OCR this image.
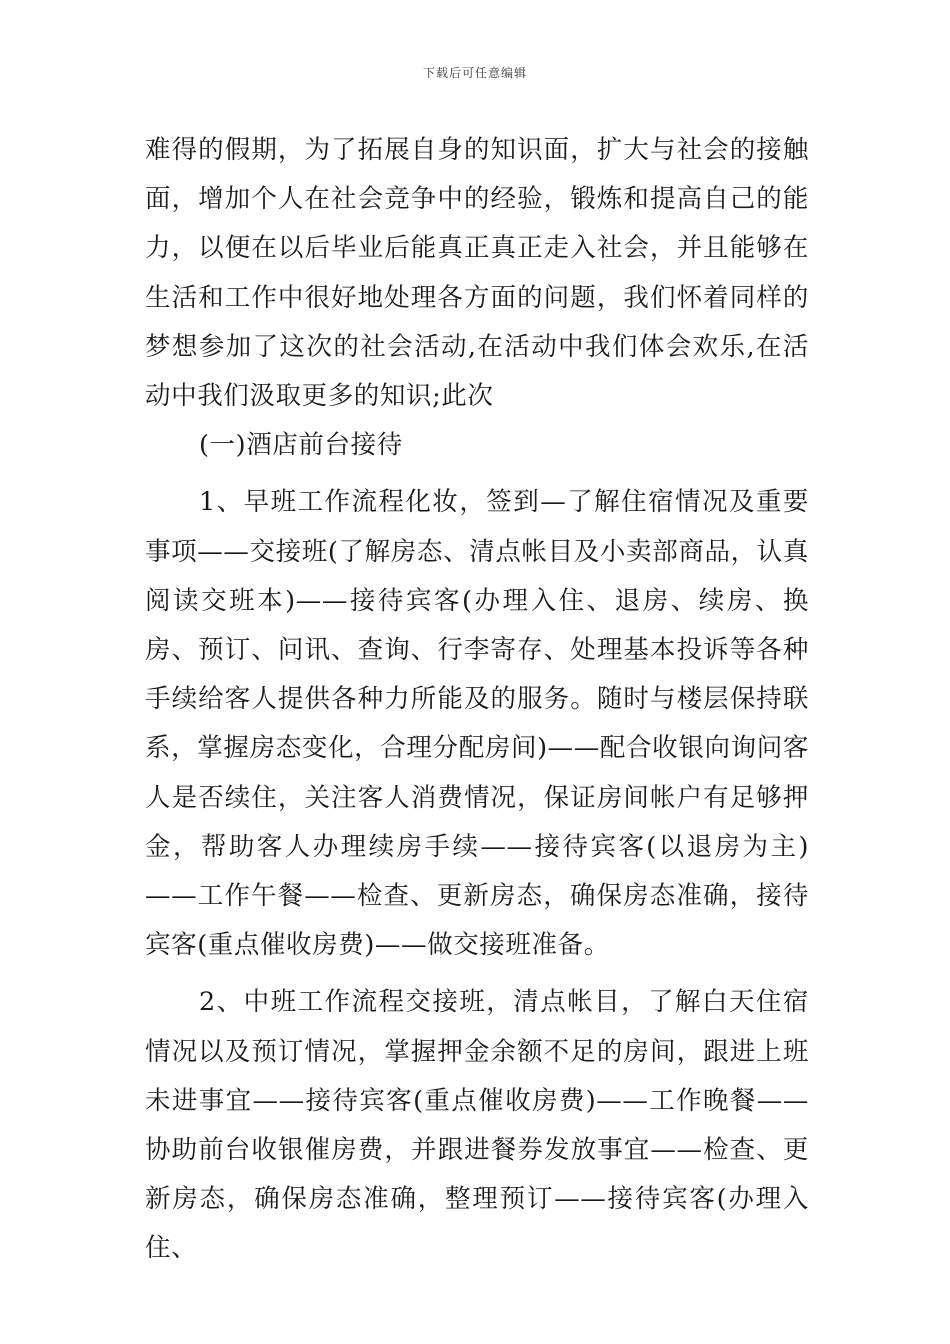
下载后可任意编辑

难得的假期，为了拓展自身的知识面，扩大与社会的接触面，增加个人在社会竞争中的经验，锻炼和提高自己的能力，以便在以后毕业后能真正真正走入社会，并且能够在生活和工作中很好地处理各方面的问题，我们怀着同样的梦想参加了这次的社会活动,在活动中我们体会欢乐,在活动中我们汲取更多的知识;此次

(一)酒店前台接待

1、早班工作流程化妆，签到—了解住宿情况及重要事项——交接班(了解房态、清点帐目及小卖部商品，认真阅读交班本)——接待宾客(办理入住、退房、续房、换房、预订、问讯、查询、行李寄存、处理基本投诉等各种手续给客人提供各种力所能及的服务。随时与楼层保持联系，掌握房态变化，合理分配房间)——配合收银向询问客人是否续住，关注客人消费情况，保证房间帐户有足够押金，帮助客人办理续房手续——接待宾客(以退房为主)——工作午餐——检查、更新房态，确保房态准确，接待宾客(重点催收房费)——做交接班准备。

2、中班工作流程交接班，清点帐目，了解白天住宿情况以及预订情况，掌握押金余额不足的房间，跟进上班未进事宜——接待宾客(重点催收房费)——工作晚餐——协助前台收银催房费，并跟进餐券发放事宜——检查、更新房态，确保房态准确，整理预订——接待宾客(办理入住、
